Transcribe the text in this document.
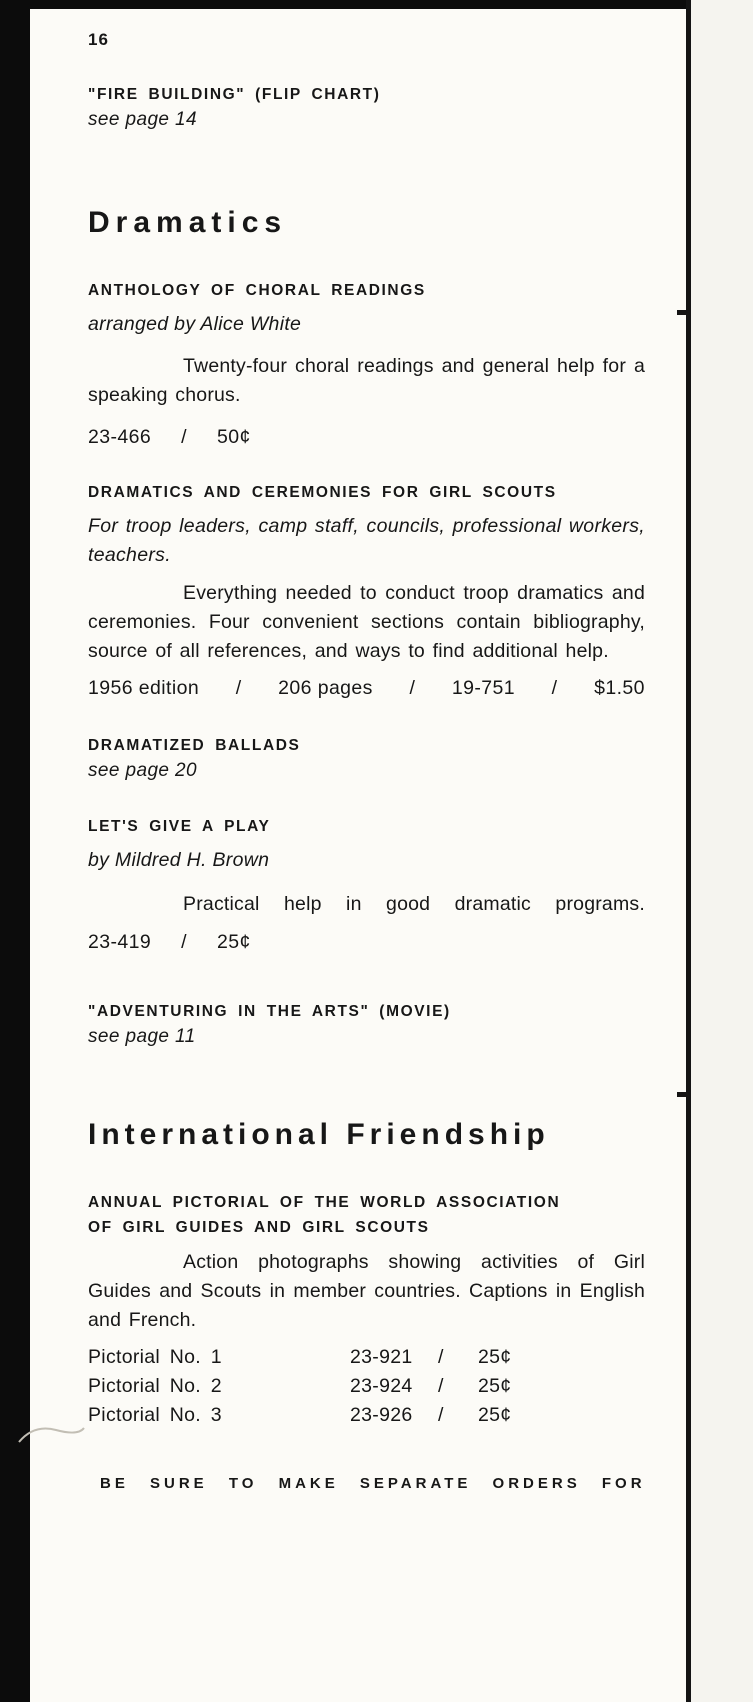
16
"FIRE BUILDING" (FLIP CHART)
see page 14
Dramatics
ANTHOLOGY OF CHORAL READINGS
arranged by Alice White
Twenty-four choral readings and general help for a speaking chorus.
23-466 / 50¢
DRAMATICS AND CEREMONIES FOR GIRL SCOUTS
For troop leaders, camp staff, councils, professional workers, teachers.
Everything needed to conduct troop dramatics and ceremonies. Four convenient sections contain bibliography, source of all references, and ways to find additional help.
1956 edition / 206 pages / 19-751 / $1.50
DRAMATIZED BALLADS
see page 20
LET'S GIVE A PLAY
by Mildred H. Brown
Practical help in good dramatic programs.
23-419 / 25¢
"ADVENTURING IN THE ARTS" (MOVIE)
see page 11
International Friendship
ANNUAL PICTORIAL OF THE WORLD ASSOCIATION
OF GIRL GUIDES AND GIRL SCOUTS
Action photographs showing activities of Girl Guides and Scouts in member countries. Captions in English and French.
Pictorial No. 1	23-921	/	25¢
Pictorial No. 2	23-924	/	25¢
Pictorial No. 3	23-926	/	25¢
BE SURE TO MAKE SEPARATE ORDERS FOR
